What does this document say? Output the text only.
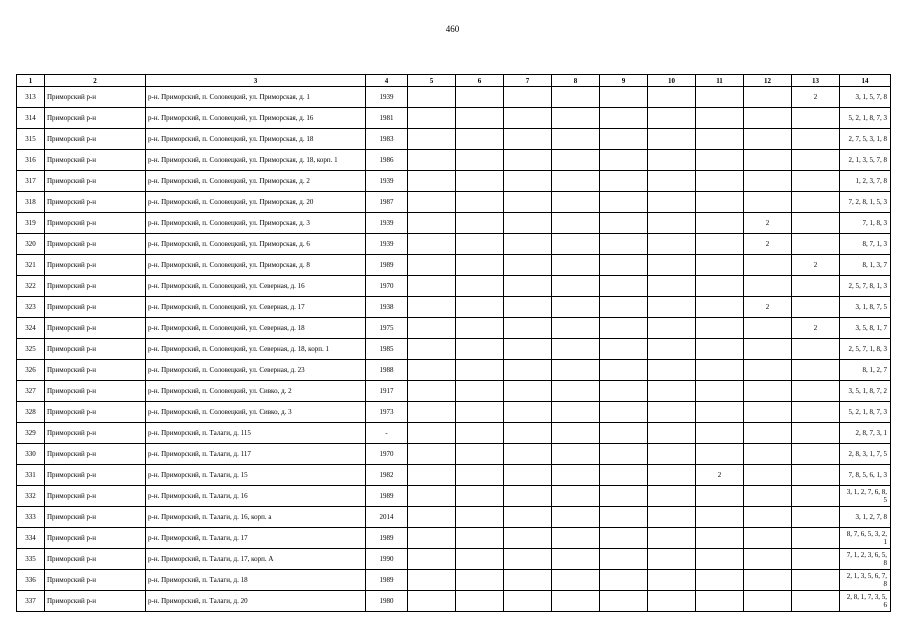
460
1	2	3	4	5	6	7	8	9	10	11	12	13	14
313	Приморский р-н	р-н. Приморский, п. Соловецкий, ул. Приморская, д. 1	1939									2	3, 1, 5, 7, 8
314	Приморский р-н	р-н. Приморский, п. Соловецкий, ул. Приморская, д. 16	1981										5, 2, 1, 8, 7, 3
315	Приморский р-н	р-н. Приморский, п. Соловецкий, ул. Приморская, д. 18	1983										2, 7, 5, 3, 1, 8
316	Приморский р-н	р-н. Приморский, п. Соловецкий, ул. Приморская, д. 18, корп. 1	1986										2, 1, 3, 5, 7, 8
317	Приморский р-н	р-н. Приморский, п. Соловецкий, ул. Приморская, д. 2	1939										1, 2, 3, 7, 8
318	Приморский р-н	р-н. Приморский, п. Соловецкий, ул. Приморская, д. 20	1987										7, 2, 8, 1, 5, 3
319	Приморский р-н	р-н. Приморский, п. Соловецкий, ул. Приморская, д. 3	1939								2		7, 1, 8, 3
320	Приморский р-н	р-н. Приморский, п. Соловецкий, ул. Приморская, д. 6	1939								2		8, 7, 1, 3
321	Приморский р-н	р-н. Приморский, п. Соловецкий, ул. Приморская, д. 8	1989									2	8, 1, 3, 7
322	Приморский р-н	р-н. Приморский, п. Соловецкий, ул. Северная, д. 16	1970										2, 5, 7, 8, 1, 3
323	Приморский р-н	р-н. Приморский, п. Соловецкий, ул. Северная, д. 17	1938								2		3, 1, 8, 7, 5
324	Приморский р-н	р-н. Приморский, п. Соловецкий, ул. Северная, д. 18	1975									2	3, 5, 8, 1, 7
325	Приморский р-н	р-н. Приморский, п. Соловецкий, ул. Северная, д. 18, корп. 1	1985										2, 5, 7, 1, 8, 3
326	Приморский р-н	р-н. Приморский, п. Соловецкий, ул. Северная, д. 23	1988										8, 1, 2, 7
327	Приморский р-н	р-н. Приморский, п. Соловецкий, ул. Сивко, д. 2	1917										3, 5, 1, 8, 7, 2
328	Приморский р-н	р-н. Приморский, п. Соловецкий, ул. Сивко, д. 3	1973										5, 2, 1, 8, 7, 3
329	Приморский р-н	р-н. Приморский, п. Талаги, д. 115	-										2, 8, 7, 3, 1
330	Приморский р-н	р-н. Приморский, п. Талаги, д. 117	1970										2, 8, 3, 1, 7, 5
331	Приморский р-н	р-н. Приморский, п. Талаги, д. 15	1982							2			7, 8, 5, 6, 1, 3
332	Приморский р-н	р-н. Приморский, п. Талаги, д. 16	1989										3, 1, 2, 7, 6, 8, 5
333	Приморский р-н	р-н. Приморский, п. Талаги, д. 16, корп. а	2014										3, 1, 2, 7, 8
334	Приморский р-н	р-н. Приморский, п. Талаги, д. 17	1989										8, 7, 6, 5, 3, 2, 1
335	Приморский р-н	р-н. Приморский, п. Талаги, д. 17, корп. А	1990										7, 1, 2, 3, 6, 5, 8
336	Приморский р-н	р-н. Приморский, п. Талаги, д. 18	1989										2, 1, 3, 5, 6, 7, 8
337	Приморский р-н	р-н. Приморский, п. Талаги, д. 20	1980										2, 8, 1, 7, 3, 5, 6
